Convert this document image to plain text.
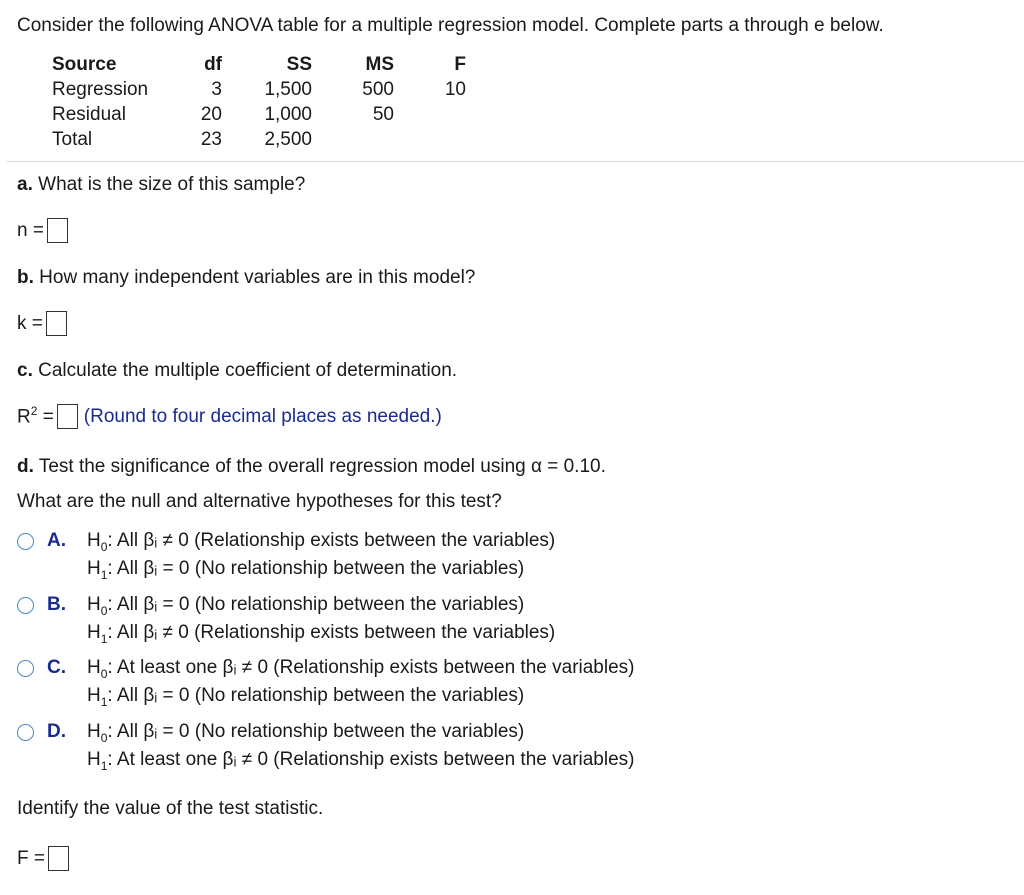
Consider the following ANOVA table for a multiple regression model. Complete parts a through e below.
Source	df	SS	MS	F
Regression	3	1,500	500	10
Residual	20	1,000	50	
Total	23	2,500		
a. What is the size of this sample?
n =
b. How many independent variables are in this model?
k =
c. Calculate the multiple coefficient of determination.
$R^2$ = (Round to four decimal places as needed.)
d. Test the significance of the overall regression model using α = 0.10.
What are the null and alternative hypotheses for this test?
A. $H_0$: All βᵢ ≠ 0 (Relationship exists between the variables)
$H_1$: All βᵢ = 0 (No relationship between the variables)
B. $H_0$: All βᵢ = 0 (No relationship between the variables)
$H_1$: All βᵢ ≠ 0 (Relationship exists between the variables)
C. $H_0$: At least one βᵢ ≠ 0 (Relationship exists between the variables)
$H_1$: All βᵢ = 0 (No relationship between the variables)
D. $H_0$: All βᵢ = 0 (No relationship between the variables)
$H_1$: At least one βᵢ ≠ 0 (Relationship exists between the variables)
Identify the value of the test statistic.
F =
